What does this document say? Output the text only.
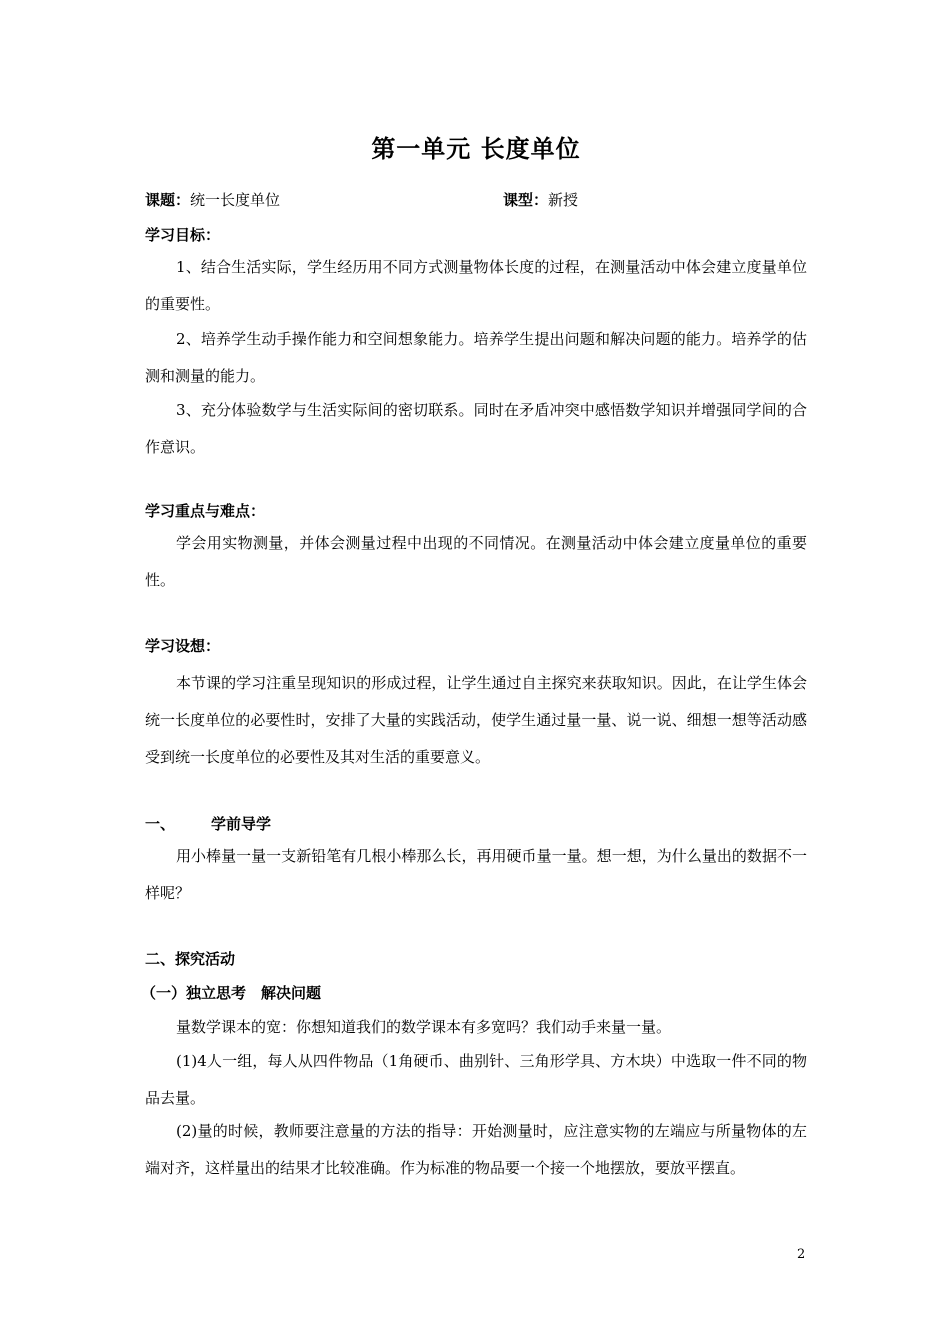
第一单元 长度单位
课题：统一长度单位	课型：新授
学习目标：
1、结合生活实际，学生经历用不同方式测量物体长度的过程，在测量活动中体会建立度量单位的重要性。
2、培养学生动手操作能力和空间想象能力。培养学生提出问题和解决问题的能力。培养学的估测和测量的能力。
3、充分体验数学与生活实际间的密切联系。同时在矛盾冲突中感悟数学知识并增强同学间的合作意识。
学习重点与难点：
学会用实物测量，并体会测量过程中出现的不同情况。在测量活动中体会建立度量单位的重要性。
学习设想：
本节课的学习注重呈现知识的形成过程，让学生通过自主探究来获取知识。因此，在让学生体会统一长度单位的必要性时，安排了大量的实践活动，使学生通过量一量、说一说、细想一想等活动感受到统一长度单位的必要性及其对生活的重要意义。
一、 学前导学
用小棒量一量一支新铅笔有几根小棒那么长，再用硬币量一量。想一想，为什么量出的数据不一样呢？
二、探究活动
（一）独立思考　解决问题
量数学课本的宽：你想知道我们的数学课本有多宽吗？我们动手来量一量。
(1)4人一组，每人从四件物品（1角硬币、曲别针、三角形学具、方木块）中选取一件不同的物品去量。
(2)量的时候，教师要注意量的方法的指导：开始测量时，应注意实物的左端应与所量物体的左端对齐，这样量出的结果才比较准确。作为标准的物品要一个接一个地摆放，要放平摆直。
2
